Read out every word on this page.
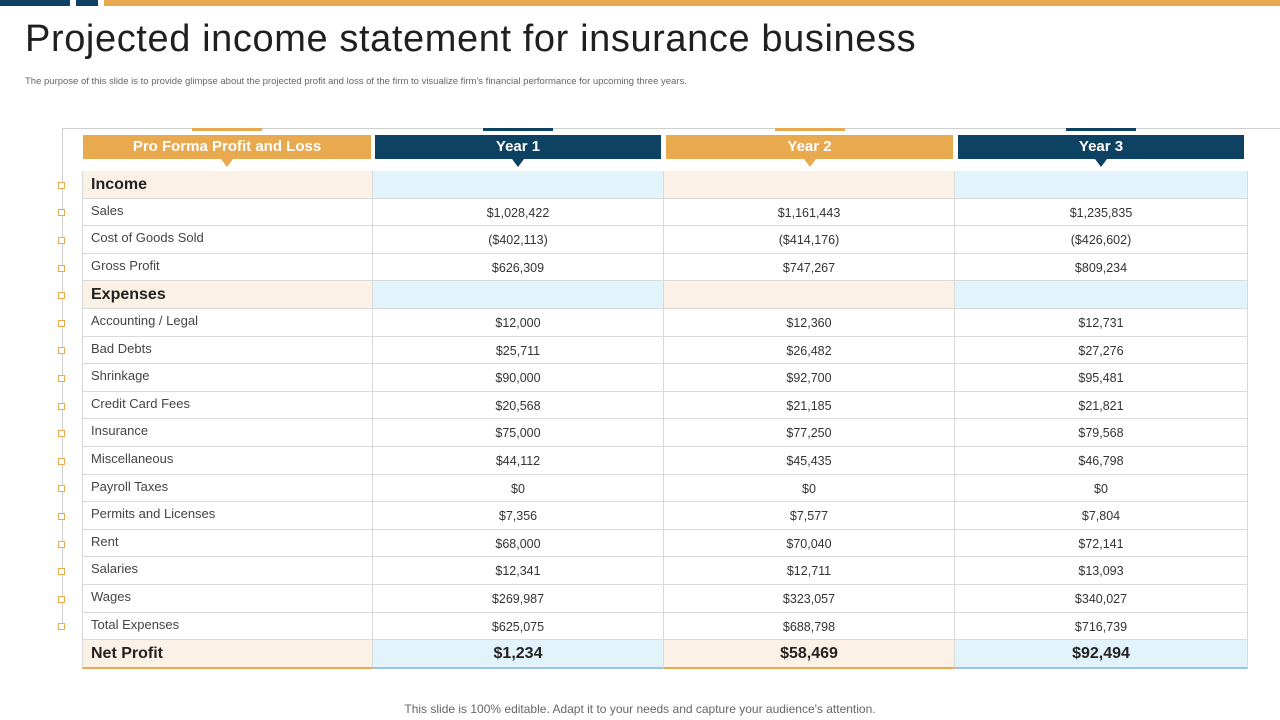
Projected income statement for insurance business

The purpose of this slide is to provide glimpse about the projected profit and loss of the firm to visualize firm's financial performance for upcoming three years.

Pro Forma Profit and Loss	Year 1	Year 2	Year 3
Income
Sales	$1,028,422	$1,161,443	$1,235,835
Cost of Goods Sold	($402,113)	($414,176)	($426,602)
Gross Profit	$626,309	$747,267	$809,234
Expenses
Accounting / Legal	$12,000	$12,360	$12,731
Bad Debts	$25,711	$26,482	$27,276
Shrinkage	$90,000	$92,700	$95,481
Credit Card Fees	$20,568	$21,185	$21,821
Insurance	$75,000	$77,250	$79,568
Miscellaneous	$44,112	$45,435	$46,798
Payroll Taxes	$0	$0	$0
Permits and Licenses	$7,356	$7,577	$7,804
Rent	$68,000	$70,040	$72,141
Salaries	$12,341	$12,711	$13,093
Wages	$269,987	$323,057	$340,027
Total Expenses	$625,075	$688,798	$716,739
Net Profit	$1,234	$58,469	$92,494

This slide is 100% editable. Adapt it to your needs and capture your audience's attention.
